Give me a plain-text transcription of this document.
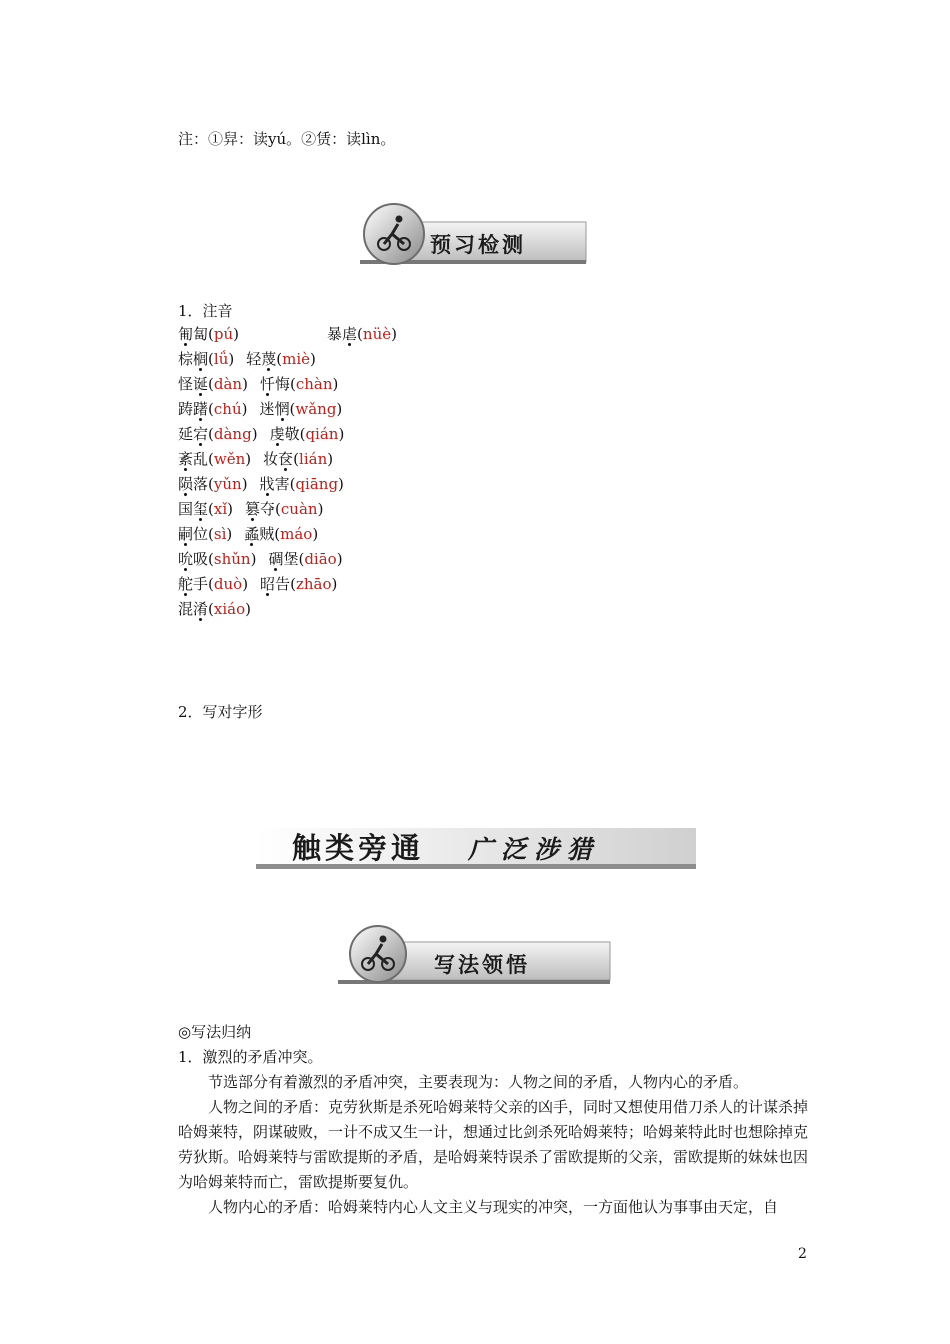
注：①舁：读yú。②赁：读lìn。
预习检测
1．注音
匍匐(pú)	暴虐(nüè)
棕榈(lǘ) 轻蔑(miè)
怪诞(dàn) 忏悔(chàn)
踌躇(chú) 迷惘(wǎng)
延宕(dàng) 虔敬(qián)
紊乱(wěn) 妆奁(lián)
陨落(yǔn) 戕害(qiāng)
国玺(xǐ) 篡夺(cuàn)
嗣位(sì) 蟊贼(máo)
吮吸(shǔn) 碉堡(diāo)
舵手(duò) 昭告(zhāo)
混淆(xiáo)
2．写对字形
触类旁通 广泛涉猎
写法领悟

◎写法归纳

1．激烈的矛盾冲突。

节选部分有着激烈的矛盾冲突，主要表现为：人物之间的矛盾，人物内心的矛盾。

人物之间的矛盾：克劳狄斯是杀死哈姆莱特父亲的凶手，同时又想使用借刀杀人的计谋杀掉哈姆莱特，阴谋破败，一计不成又生一计，想通过比剑杀死哈姆莱特；哈姆莱特此时也想除掉克劳狄斯。哈姆莱特与雷欧提斯的矛盾，是哈姆莱特误杀了雷欧提斯的父亲，雷欧提斯的妹妹也因为哈姆莱特而亡，雷欧提斯要复仇。

人物内心的矛盾：哈姆莱特内心人文主义与现实的冲突，一方面他认为事事由天定，自

2
